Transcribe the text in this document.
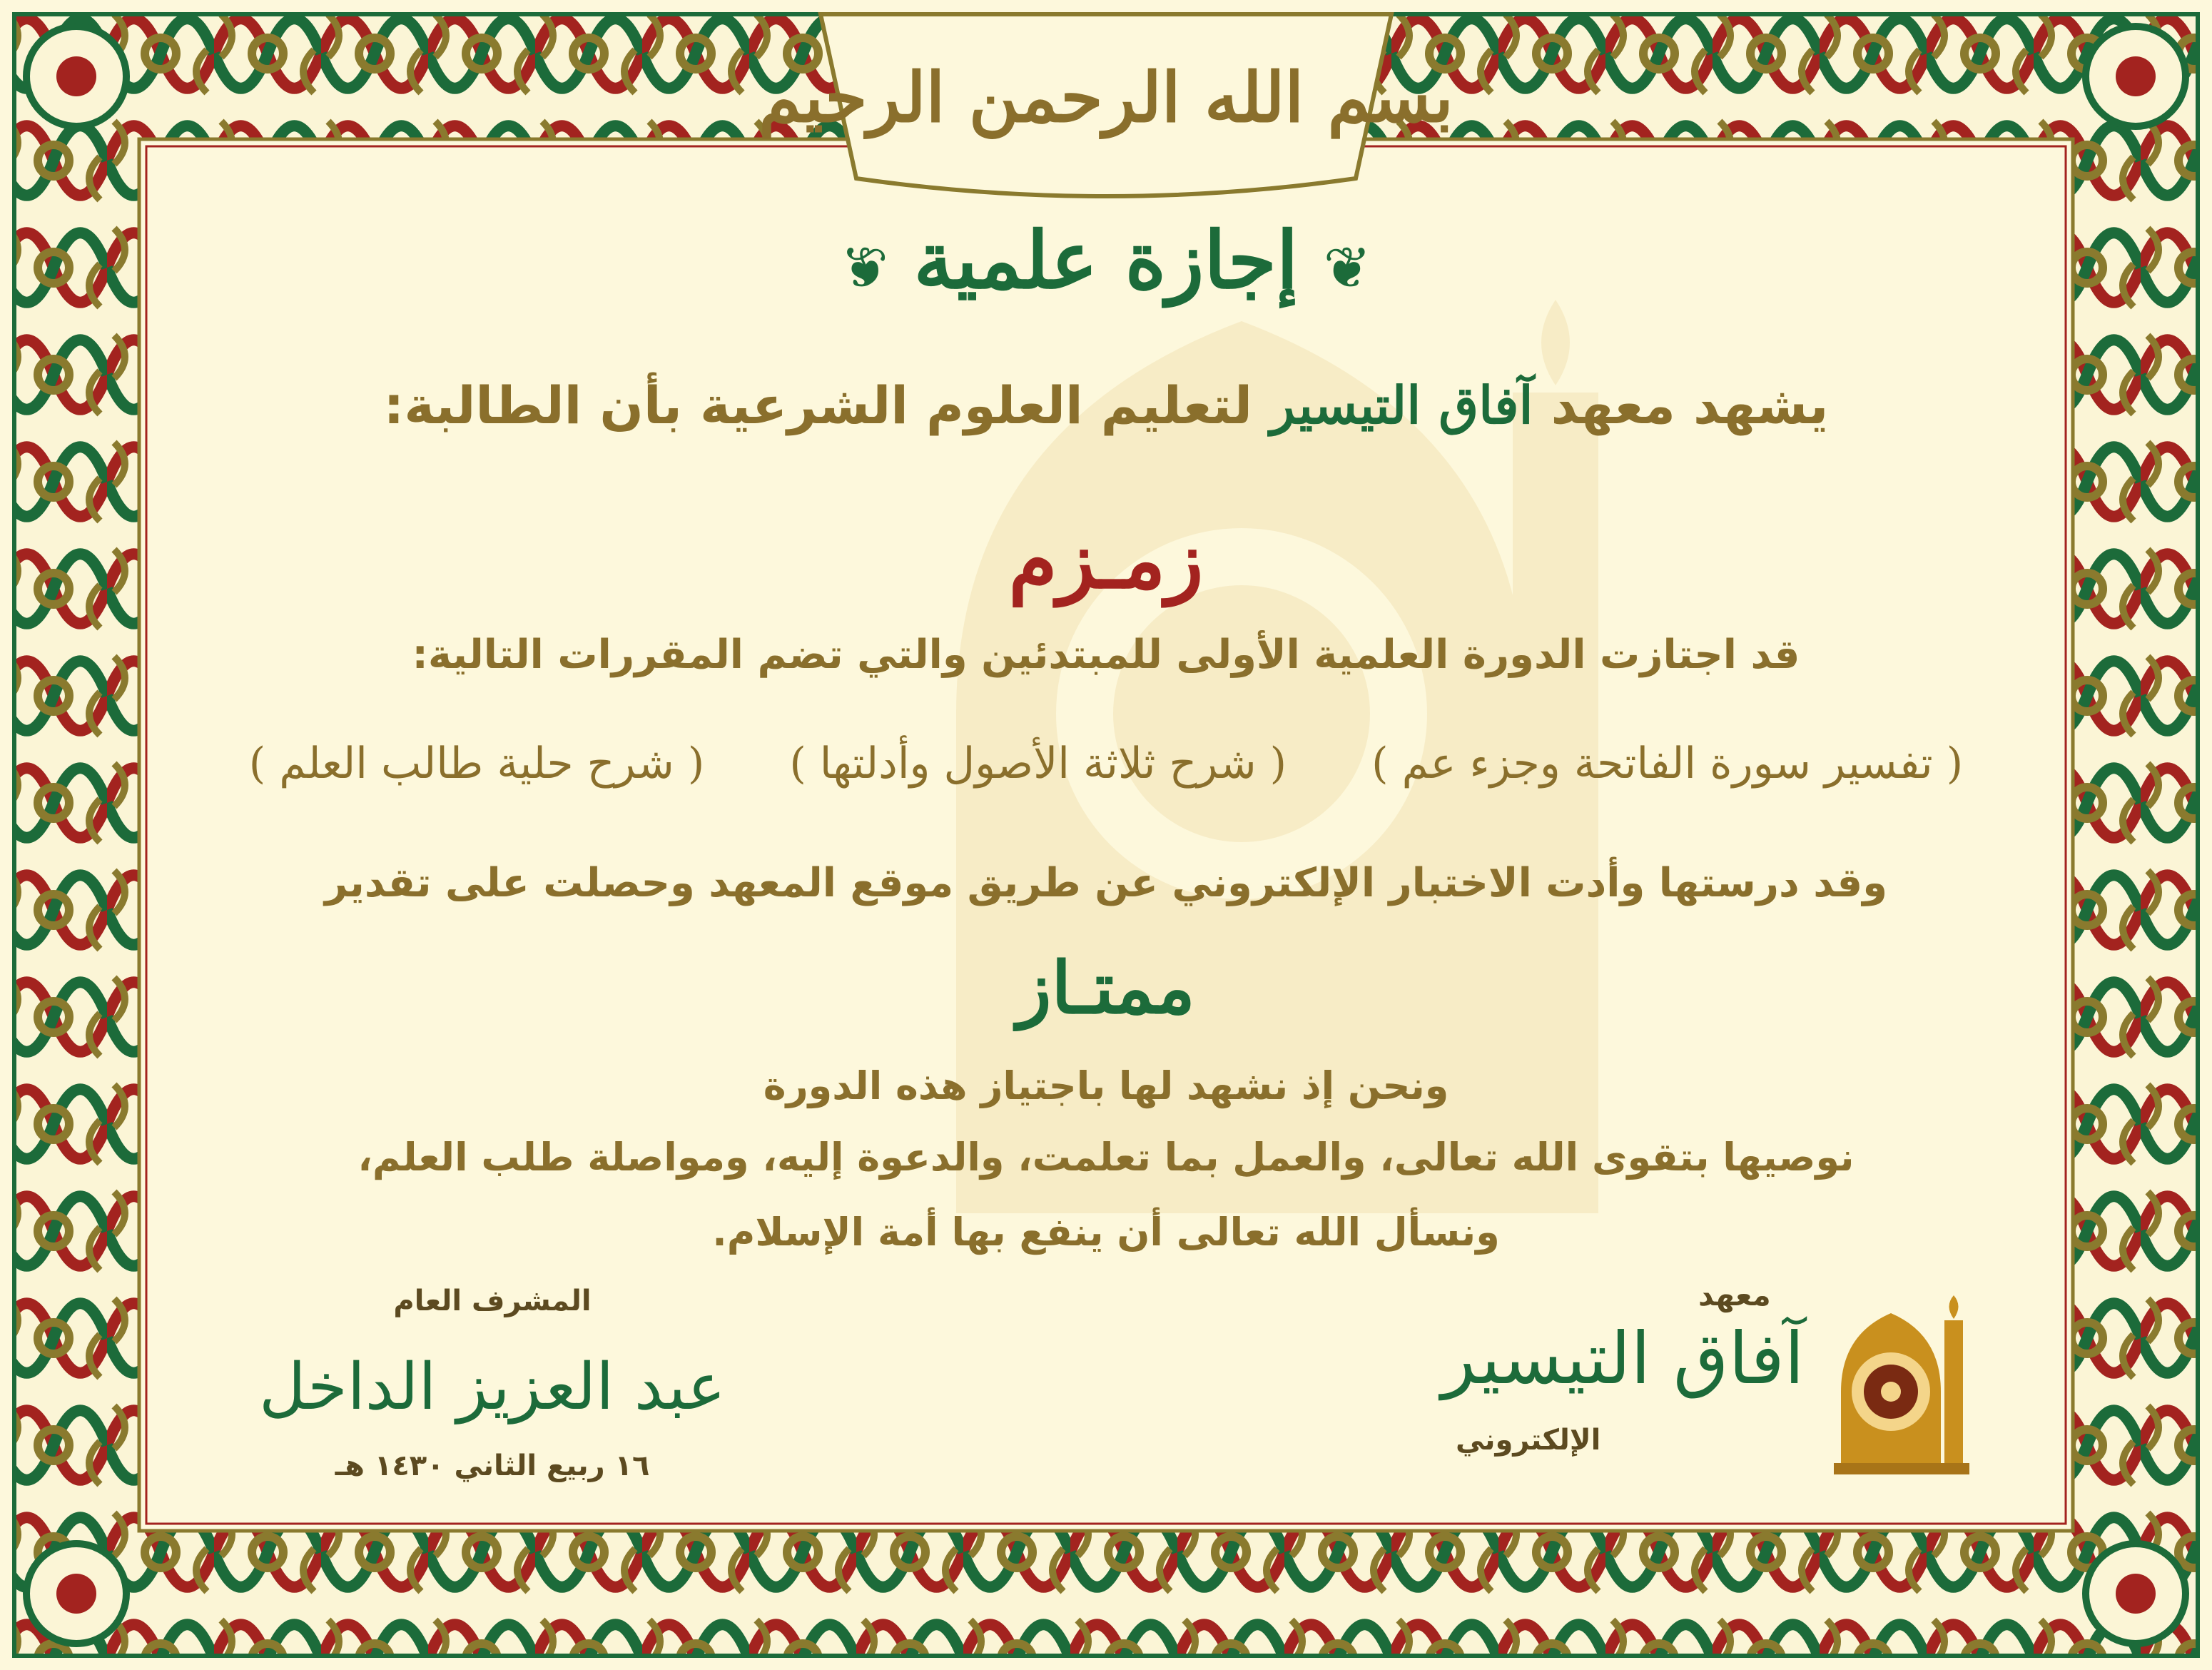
بسم الله الرحمن الرحيم
❦ إجازة علمية ❦
يشهد معهد آفاق التيسير لتعليم العلوم الشرعية بأن الطالبة:
زمـزم
قد اجتازت الدورة العلمية الأولى للمبتدئين والتي تضم المقررات التالية:
( تفسير سورة الفاتحة وجزء عم ) ( شرح ثلاثة الأصول وأدلتها ) ( شرح حلية طالب العلم )
وقد درستها وأدت الاختبار الإلكتروني عن طريق موقع المعهد وحصلت على تقدير
ممتـاز
ونحن إذ نشهد لها باجتياز هذه الدورة
نوصيها بتقوى الله تعالى، والعمل بما تعلمت، والدعوة إليه، ومواصلة طلب العلم،
ونسأل الله تعالى أن ينفع بها أمة الإسلام.
المشرف العام
عبد العزيز الداخل
١٦ ربيع الثاني ١٤٣٠ هـ
معهد
آفاق التيسير
الإلكتروني
